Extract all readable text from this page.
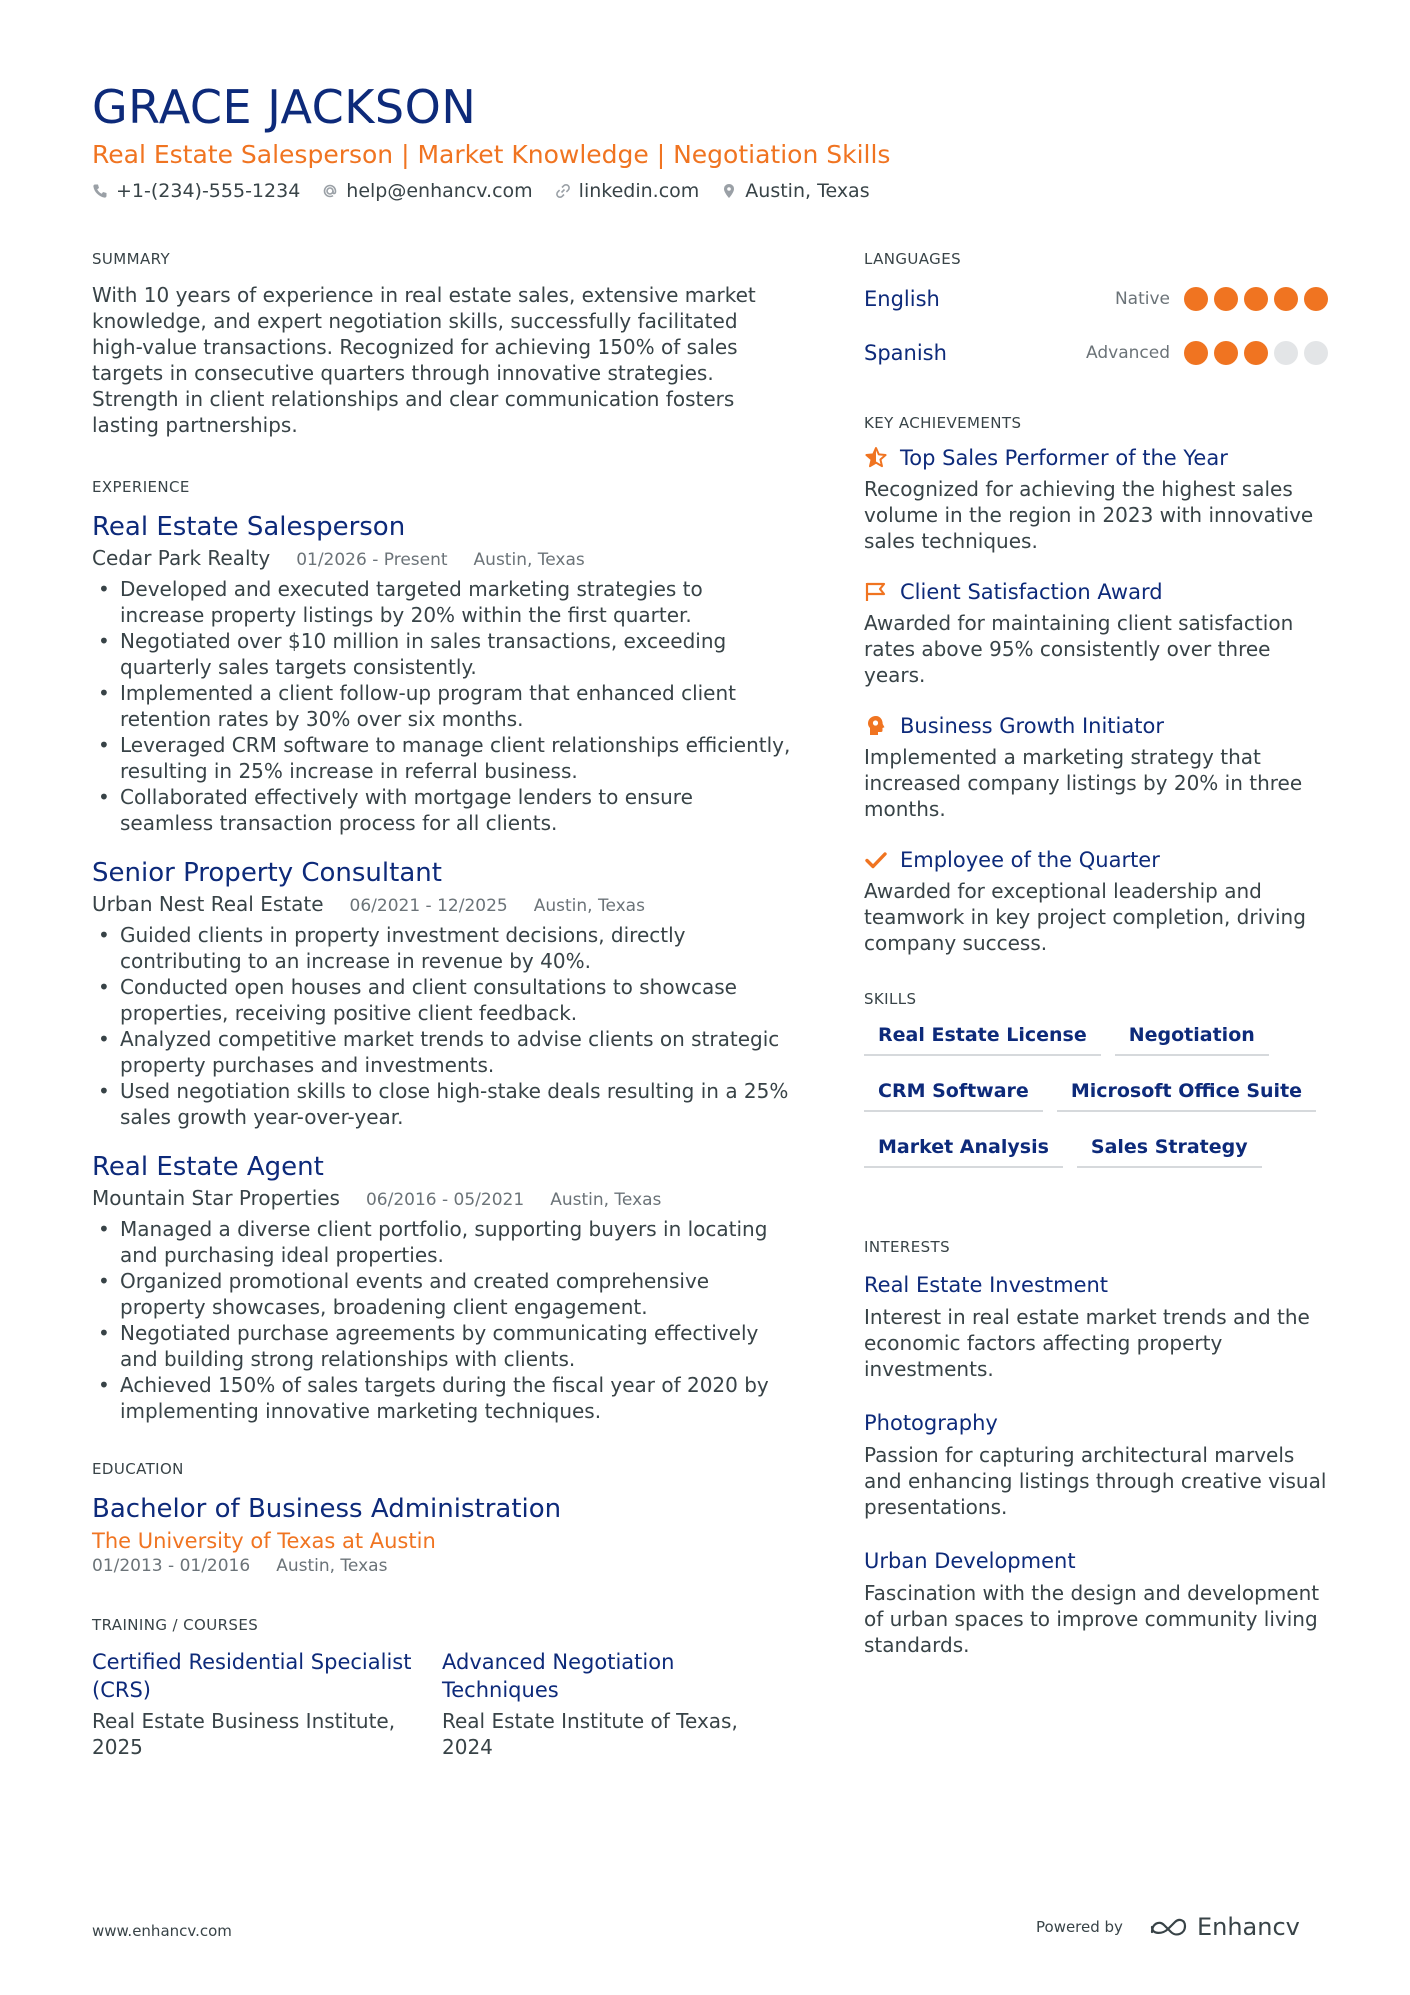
GRACE JACKSON
Real Estate Salesperson | Market Knowledge | Negotiation Skills
+1-(234)-555-1234 help@enhancv.com linkedin.com Austin, Texas
SUMMARY

With 10 years of experience in real estate sales, extensive market knowledge, and expert negotiation skills, successfully facilitated high-value transactions. Recognized for achieving 150% of sales targets in consecutive quarters through innovative strategies. Strength in client relationships and clear communication fosters lasting partnerships.

EXPERIENCE
Real Estate Salesperson
Cedar Park Realty 01/2026 - Present Austin, Texas
• Developed and executed targeted marketing strategies to increase property listings by 20% within the first quarter.
• Negotiated over $10 million in sales transactions, exceeding quarterly sales targets consistently.
• Implemented a client follow-up program that enhanced client retention rates by 30% over six months.
• Leveraged CRM software to manage client relationships efficiently, resulting in 25% increase in referral business.
• Collaborated effectively with mortgage lenders to ensure seamless transaction process for all clients.
Senior Property Consultant
Urban Nest Real Estate 06/2021 - 12/2025 Austin, Texas
• Guided clients in property investment decisions, directly contributing to an increase in revenue by 40%.
• Conducted open houses and client consultations to showcase properties, receiving positive client feedback.
• Analyzed competitive market trends to advise clients on strategic property purchases and investments.
• Used negotiation skills to close high-stake deals resulting in a 25% sales growth year-over-year.
Real Estate Agent
Mountain Star Properties 06/2016 - 05/2021 Austin, Texas
• Managed a diverse client portfolio, supporting buyers in locating and purchasing ideal properties.
• Organized promotional events and created comprehensive property showcases, broadening client engagement.
• Negotiated purchase agreements by communicating effectively and building strong relationships with clients.
• Achieved 150% of sales targets during the fiscal year of 2020 by implementing innovative marketing techniques.
EDUCATION
Bachelor of Business Administration
The University of Texas at Austin
01/2013 - 01/2016 Austin, Texas
TRAINING / COURSES
Certified Residential Specialist (CRS)
Real Estate Business Institute, 2025
Advanced Negotiation Techniques
Real Estate Institute of Texas, 2024
LANGUAGES
English	Native
Spanish	Advanced
KEY ACHIEVEMENTS
Top Sales Performer of the Year

Recognized for achieving the highest sales volume in the region in 2023 with innovative sales techniques.

Client Satisfaction Award

Awarded for maintaining client satisfaction rates above 95% consistently over three years.

Business Growth Initiator

Implemented a marketing strategy that increased company listings by 20% in three months.

Employee of the Quarter

Awarded for exceptional leadership and teamwork in key project completion, driving company success.

SKILLS
Real Estate License	Negotiation
CRM Software	Microsoft Office Suite
Market Analysis	Sales Strategy
INTERESTS
Real Estate Investment

Interest in real estate market trends and the economic factors affecting property investments.

Photography

Passion for capturing architectural marvels and enhancing listings through creative visual presentations.

Urban Development

Fascination with the design and development of urban spaces to improve community living standards.

www.enhancv.com	Powered by	Enhancv
